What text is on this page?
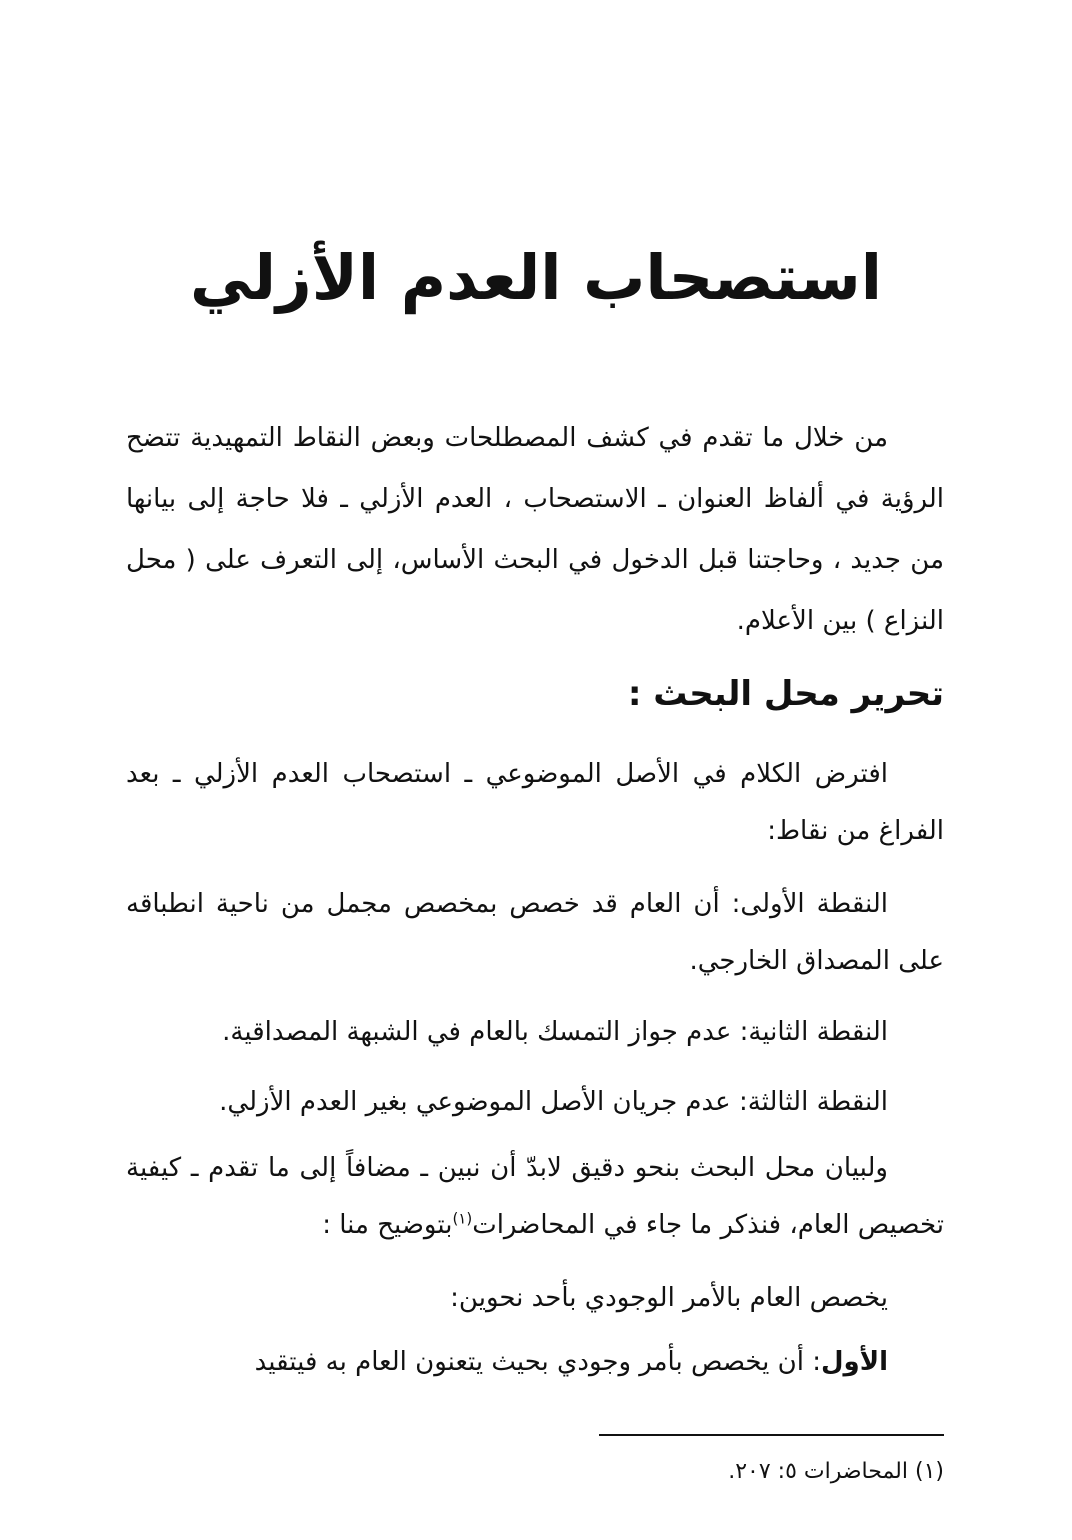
استصحاب العدم الأزلي

من خلال ما تقدم في كشف المصطلحات وبعض النقاط التمهيدية تتضح الرؤية في ألفاظ العنوان ـ الاستصحاب ، العدم الأزلي ـ فلا حاجة إلى بيانها من جديد ، وحاجتنا قبل الدخول في البحث الأساس، إلى التعرف على ( محل النزاع ) بين الأعلام.

تحرير محل البحث :

افترض الكلام في الأصل الموضوعي ـ استصحاب العدم الأزلي ـ بعد الفراغ من نقاط:

النقطة الأولى: أن العام قد خصص بمخصص مجمل من ناحية انطباقه على المصداق الخارجي.

النقطة الثانية: عدم جواز التمسك بالعام في الشبهة المصداقية.

النقطة الثالثة: عدم جريان الأصل الموضوعي بغير العدم الأزلي.

ولبيان محل البحث بنحو دقيق لابدّ أن نبين ـ مضافاً إلى ما تقدم ـ كيفية تخصيص العام، فنذكر ما جاء في المحاضرات$^{(١)}$بتوضيح منا :

يخصص العام بالأمر الوجودي بأحد نحوين:

الأول: أن يخصص بأمر وجودي بحيث يتعنون العام به فيتقيد

(١) المحاضرات ٥: ٢٠٧.
